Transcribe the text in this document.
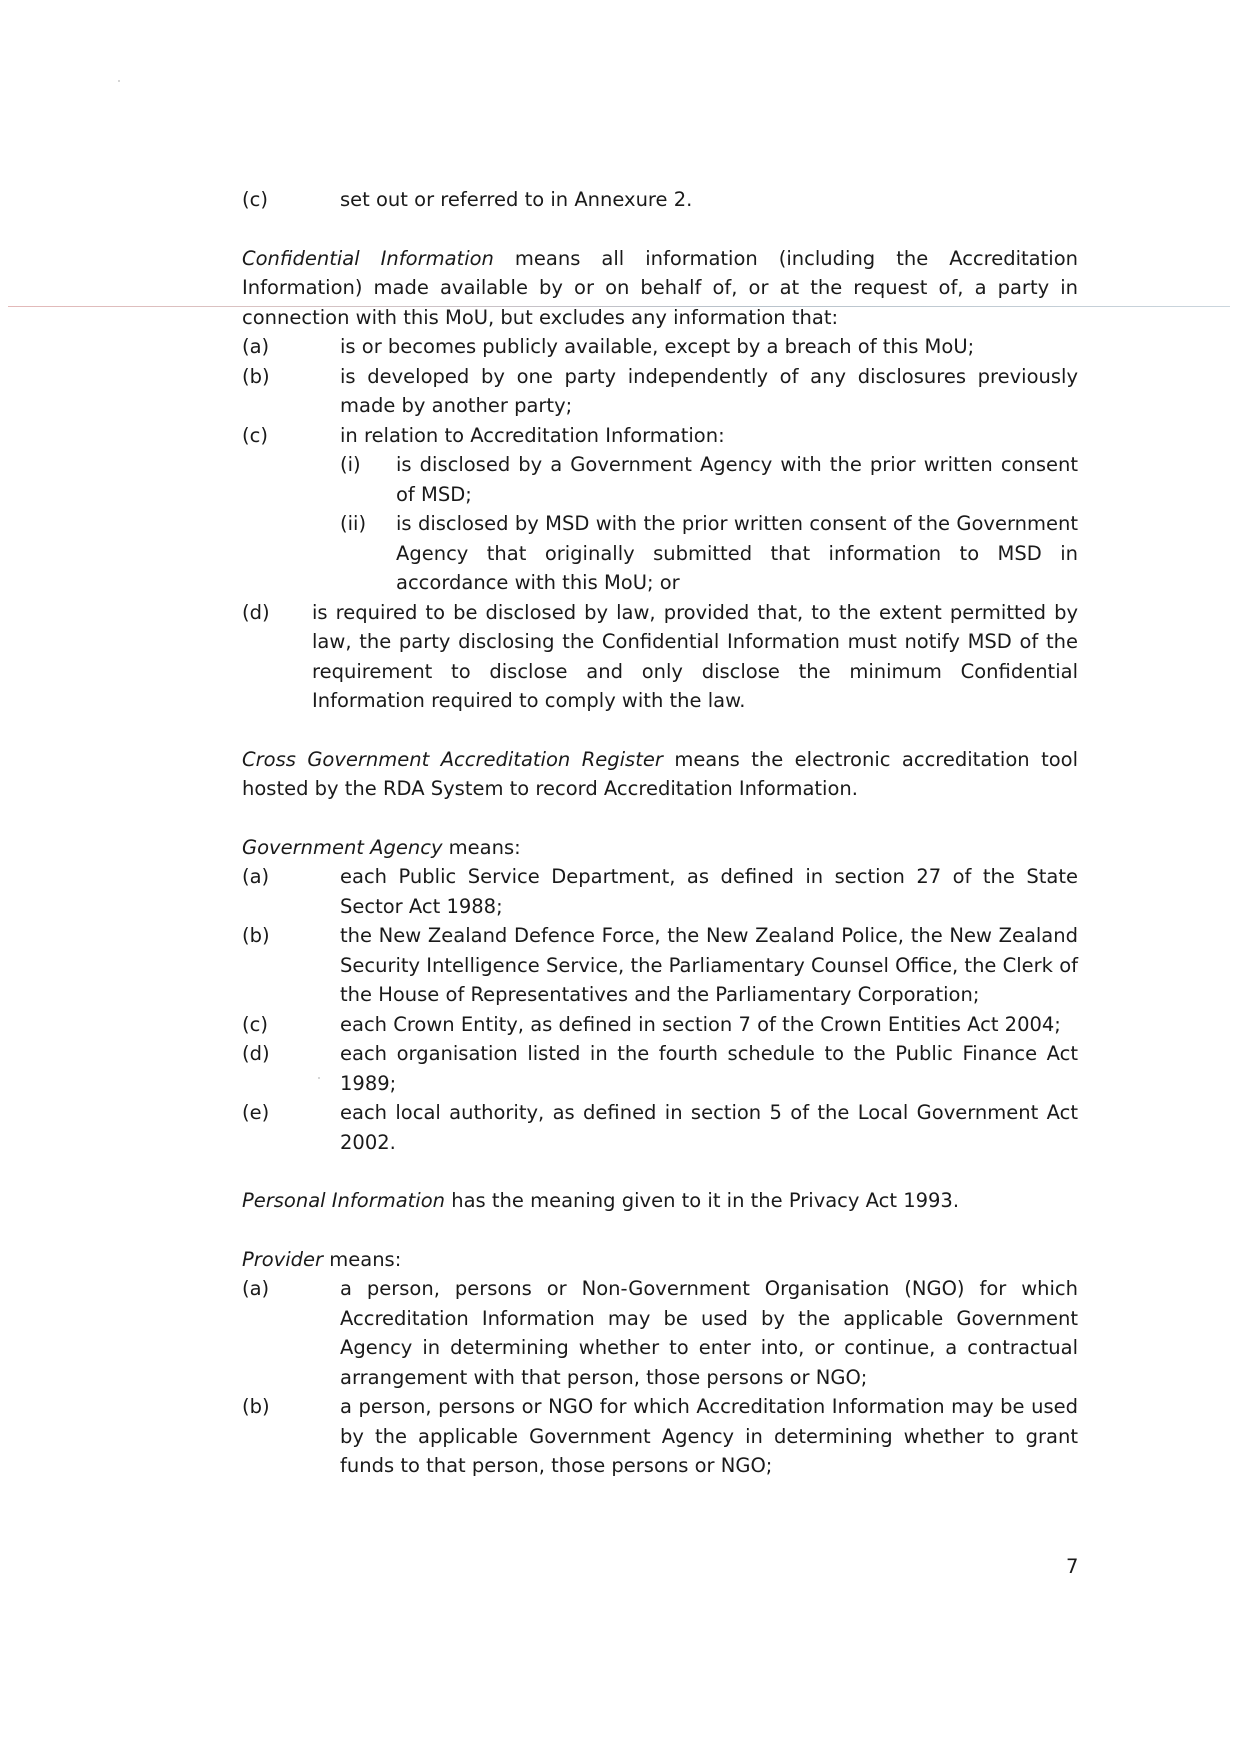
(c)	set out or referred to in Annexure 2.

Confidential Information means all information (including the Accreditation Information) made available by or on behalf of, or at the request of, a party in connection with this MoU, but excludes any information that:

(a)	is or becomes publicly available, except by a breach of this MoU;
(b)	is developed by one party independently of any disclosures previously made by another party;
(c)	in relation to Accreditation Information:
(i)	is disclosed by a Government Agency with the prior written consent of MSD;
(ii)	is disclosed by MSD with the prior written consent of the Government Agency that originally submitted that information to MSD in accordance with this MoU; or
(d)	is required to be disclosed by law, provided that, to the extent permitted by law, the party disclosing the Confidential Information must notify MSD of the requirement to disclose and only disclose the minimum Confidential Information required to comply with the law.

Cross Government Accreditation Register means the electronic accreditation tool hosted by the RDA System to record Accreditation Information.

Government Agency means:

(a)	each Public Service Department, as defined in section 27 of the State Sector Act 1988;
(b)	the New Zealand Defence Force, the New Zealand Police, the New Zealand Security Intelligence Service, the Parliamentary Counsel Office, the Clerk of the House of Representatives and the Parliamentary Corporation;
(c)	each Crown Entity, as defined in section 7 of the Crown Entities Act 2004;
(d)	each organisation listed in the fourth schedule to the Public Finance Act 1989;
(e)	each local authority, as defined in section 5 of the Local Government Act 2002.

Personal Information has the meaning given to it in the Privacy Act 1993.

Provider means:

(a)	a person, persons or Non-Government Organisation (NGO) for which Accreditation Information may be used by the applicable Government Agency in determining whether to enter into, or continue, a contractual arrangement with that person, those persons or NGO;
(b)	a person, persons or NGO for which Accreditation Information may be used by the applicable Government Agency in determining whether to grant funds to that person, those persons or NGO;
7
